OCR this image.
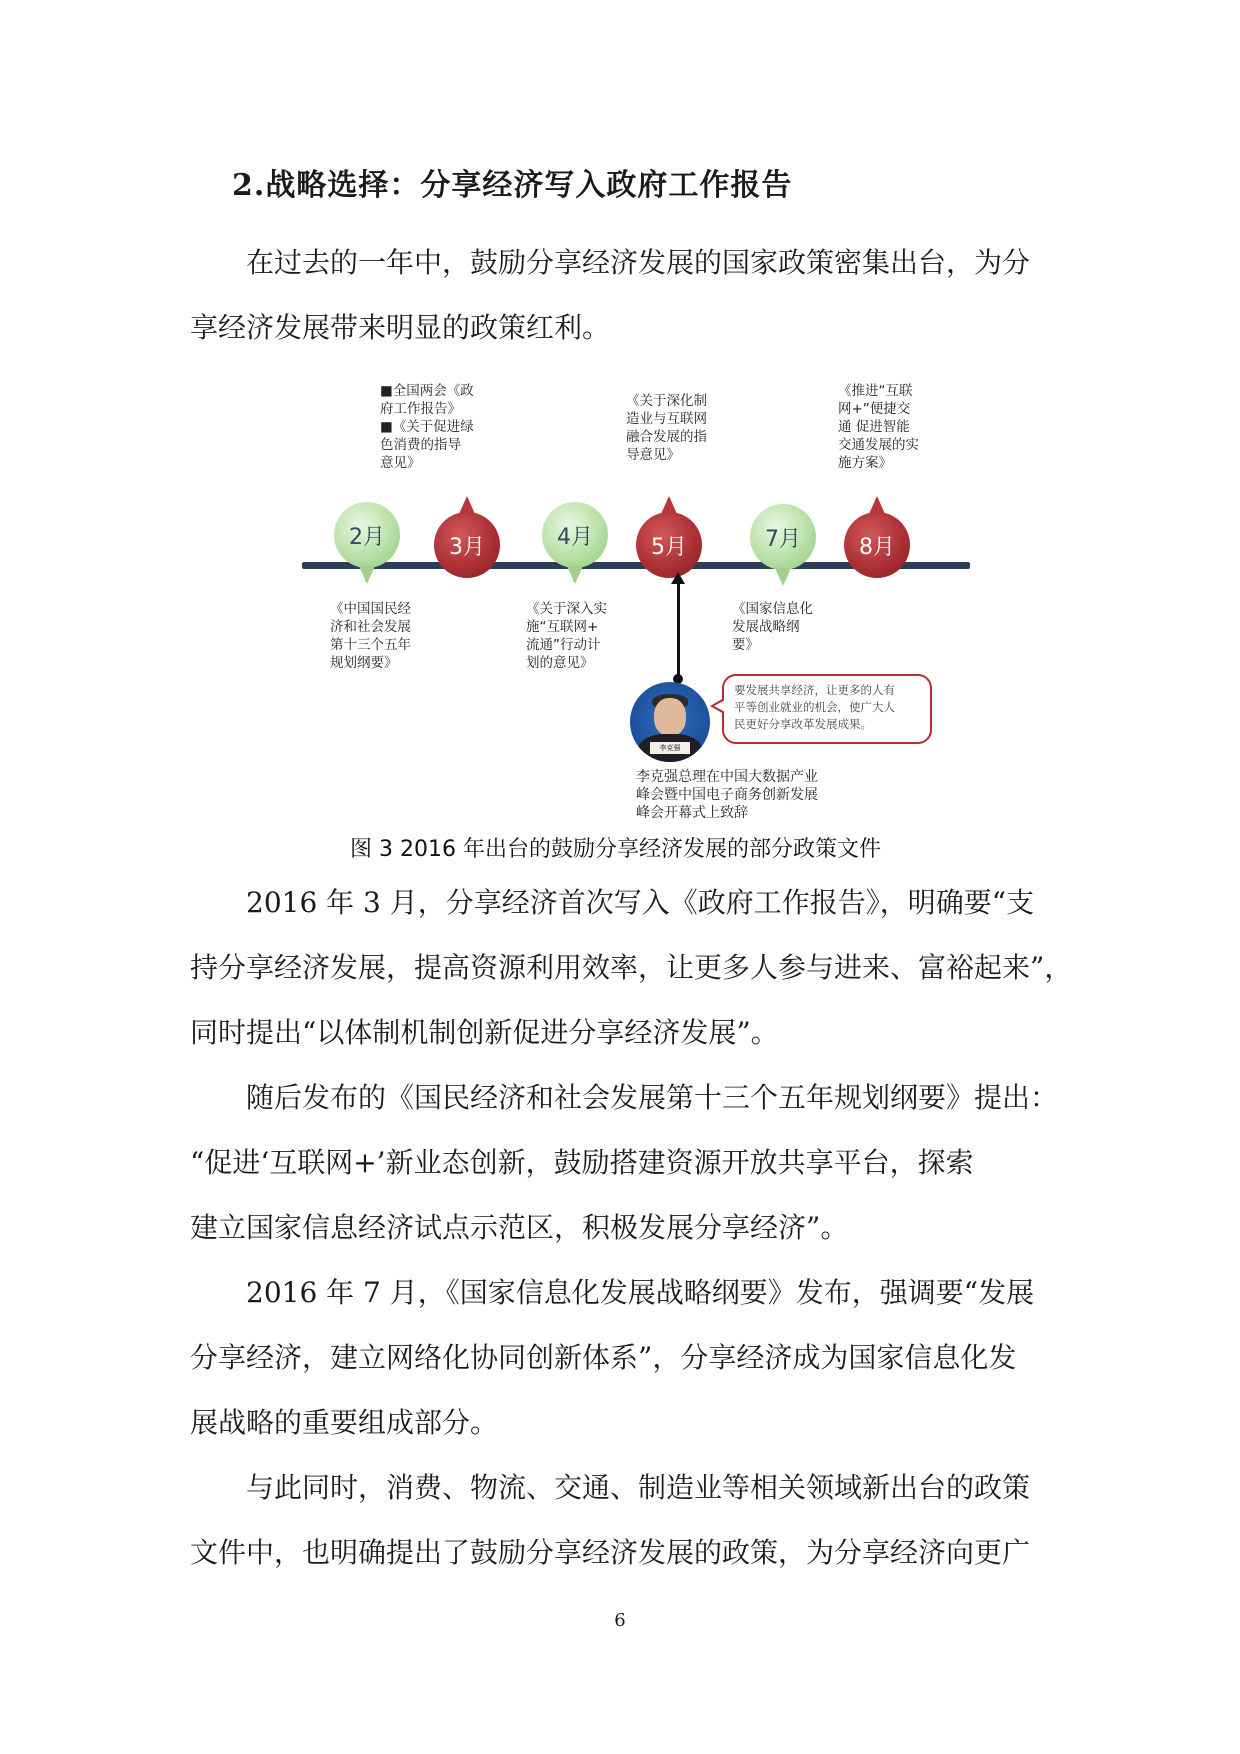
2.战略选择：分享经济写入政府工作报告
在过去的一年中，鼓励分享经济发展的国家政策密集出台，为分
享经济发展带来明显的政策红利。
■全国两会《政
府工作报告》
■《关于促进绿
色消费的指导
意见》
《关于深化制
造业与互联网
融合发展的指
导意见》
《推进“互联
网+”便捷交
通 促进智能
交通发展的实
施方案》
2月	3月	4月	5月	7月	8月
《中国国民经
济和社会发展
第十三个五年
规划纲要》
《关于深入实
施“互联网+
流通”行动计
划的意见》
《国家信息化
发展战略纲
要》
李克强
要发展共享经济，让更多的人有
平等创业就业的机会，使广大人
民更好分享改革发展成果。
李克强总理在中国大数据产业
峰会暨中国电子商务创新发展
峰会开幕式上致辞
图 3 2016 年出台的鼓励分享经济发展的部分政策文件
2016 年 3 月，分享经济首次写入《政府工作报告》，明确要“支
持分享经济发展，提高资源利用效率，让更多人参与进来、富裕起来”，
同时提出“以体制机制创新促进分享经济发展”。
随后发布的《国民经济和社会发展第十三个五年规划纲要》提出：
“促进‘互联网+’新业态创新，鼓励搭建资源开放共享平台，探索
建立国家信息经济试点示范区，积极发展分享经济”。
2016 年 7 月，《国家信息化发展战略纲要》发布，强调要“发展
分享经济，建立网络化协同创新体系”，分享经济成为国家信息化发
展战略的重要组成部分。
与此同时，消费、物流、交通、制造业等相关领域新出台的政策
文件中，也明确提出了鼓励分享经济发展的政策，为分享经济向更广
6
